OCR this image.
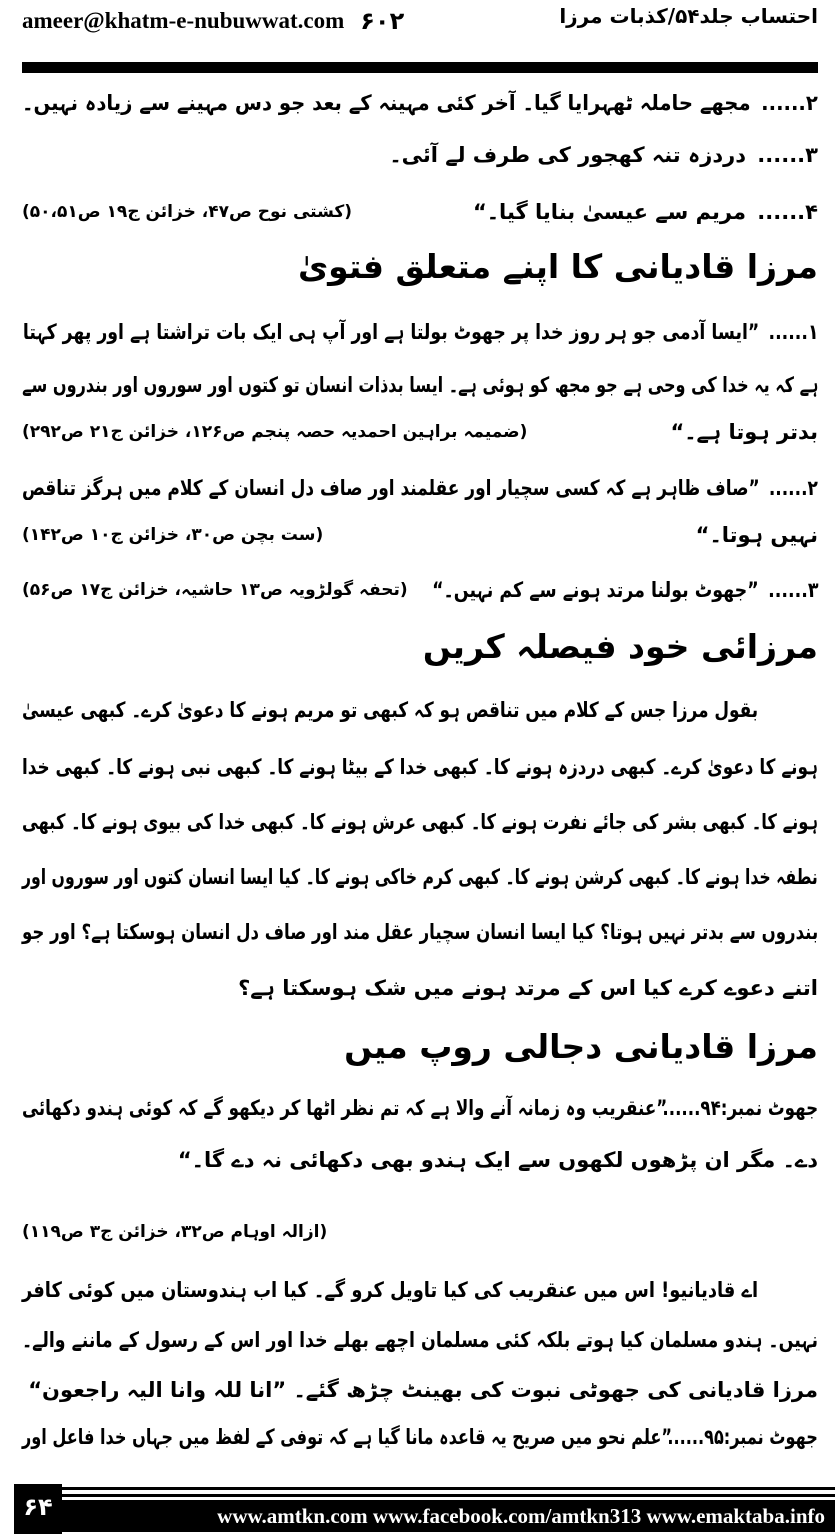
ameer@khatm-e-nubuwwat.com ۶۰۲	احتساب جلد۵۴/کذبات مرزا
۲......مجھے حاملہ ٹھہرایا گیا۔ آخر کئی مہینہ کے بعد جو دس مہینے سے زیادہ نہیں۔
۳......دردزہ تنہ کھجور کی طرف لے آئی۔
۴......مریم سے عیسیٰ بنایا گیا۔“
(کشتی نوح ص۴۷، خزائن ج۱۹ ص۵۰،۵۱)
مرزا قادیانی کا اپنے متعلق فتویٰ
۱......”ایسا آدمی جو ہر روز خدا پر جھوٹ بولتا ہے اور آپ ہی ایک بات تراشتا ہے اور پھر کہتا
ہے کہ یہ خدا کی وحی ہے جو مجھ کو ہوئی ہے۔ ایسا بدذات انسان تو کتوں اور سوروں اور بندروں سے
بدتر ہوتا ہے۔“
(ضمیمہ براہین احمدیہ حصہ پنجم ص۱۲۶، خزائن ج۲۱ ص۲۹۲)
۲......”صاف ظاہر ہے کہ کسی سچیار اور عقلمند اور صاف دل انسان کے کلام میں ہرگز تناقص
نہیں ہوتا۔“
(ست بچن ص۳۰، خزائن ج۱۰ ص۱۴۲)
۳......”جھوٹ بولنا مرتد ہونے سے کم نہیں۔“
(تحفہ گولڑویہ ص۱۳ حاشیہ، خزائن ج۱۷ ص۵۶)
مرزائی خود فیصلہ کریں
بقول مرزا جس کے کلام میں تناقص ہو کہ کبھی تو مریم ہونے کا دعویٰ کرے۔ کبھی عیسیٰ
ہونے کا دعویٰ کرے۔ کبھی دردزہ ہونے کا۔ کبھی خدا کے بیٹا ہونے کا۔ کبھی نبی ہونے کا۔ کبھی خدا
ہونے کا۔ کبھی بشر کی جائے نفرت ہونے کا۔ کبھی عرش ہونے کا۔ کبھی خدا کی بیوی ہونے کا۔ کبھی
نطفہ خدا ہونے کا۔ کبھی کرشن ہونے کا۔ کبھی کرم خاکی ہونے کا۔ کیا ایسا انسان کتوں اور سوروں اور
بندروں سے بدتر نہیں ہوتا؟ کیا ایسا انسان سچیار عقل مند اور صاف دل انسان ہوسکتا ہے؟ اور جو
اتنے دعوے کرے کیا اس کے مرتد ہونے میں شک ہوسکتا ہے؟
مرزا قادیانی دجالی روپ میں
جھوٹ نمبر:۹۴......”عنقریب وہ زمانہ آنے والا ہے کہ تم نظر اٹھا کر دیکھو گے کہ کوئی ہندو دکھائی
دے۔ مگر ان پڑھوں لکھوں سے ایک ہندو بھی دکھائی نہ دے گا۔“
(ازالہ اوہام ص۳۲، خزائن ج۳ ص۱۱۹)
اے قادیانیو! اس میں عنقریب کی کیا تاویل کرو گے۔ کیا اب ہندوستان میں کوئی کافر
نہیں۔ ہندو مسلمان کیا ہوتے بلکہ کئی مسلمان اچھے بھلے خدا اور اس کے رسول کے ماننے والے۔
مرزا قادیانی کی جھوٹی نبوت کی بھینٹ چڑھ گئے۔ ”انا للہ وانا الیہ راجعون“
جھوٹ نمبر:۹۵......”علم نحو میں صریح یہ قاعدہ مانا گیا ہے کہ توفی کے لفظ میں جہاں خدا فاعل اور
۶۴	www.amtkn.com www.facebook.com/amtkn313 www.emaktaba.info
